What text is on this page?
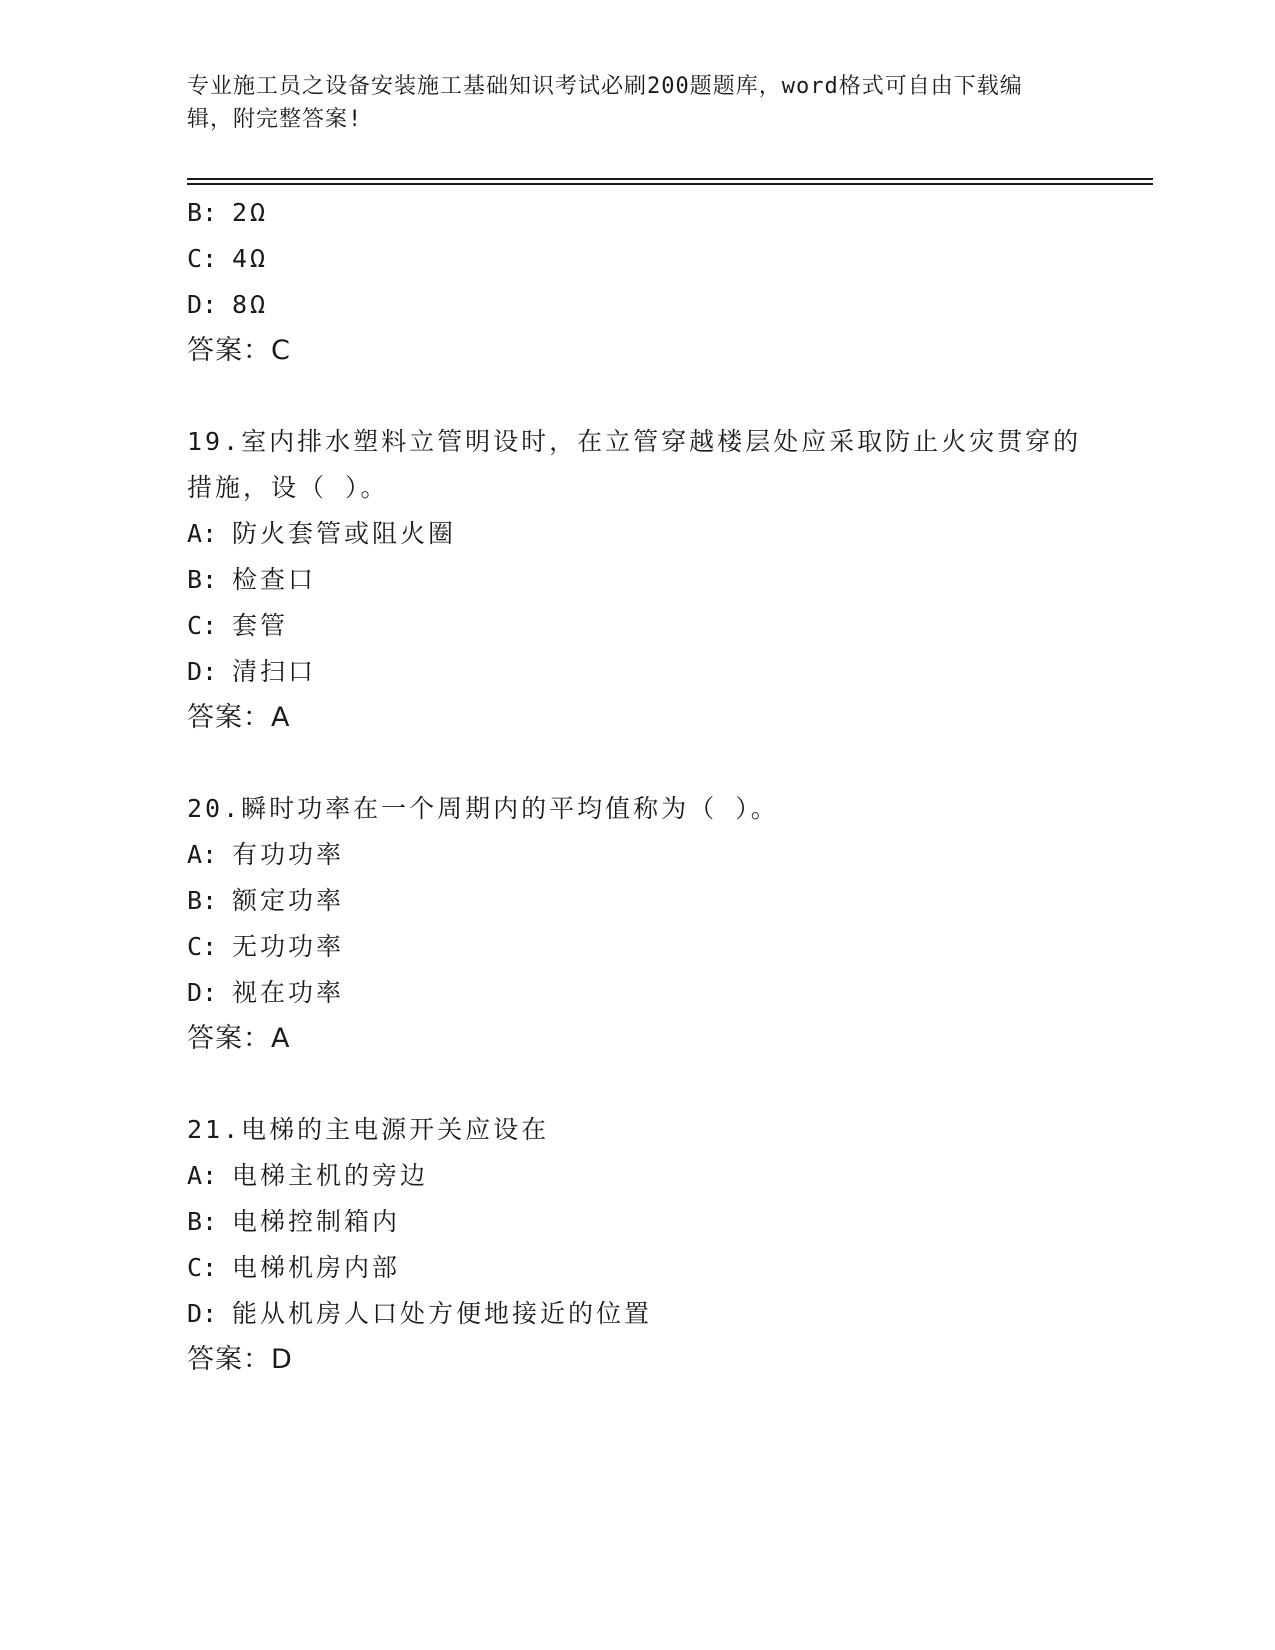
专业施工员之设备安装施工基础知识考试必刷200题题库，word格式可自由下载编辑，附完整答案!
B: 2Ω
C: 4Ω
D: 8Ω
答案：C
19.室内排水塑料立管明设时，在立管穿越楼层处应采取防止火灾贯穿的措施，设（ ）。
A: 防火套管或阻火圈
B: 检查口
C: 套管
D: 清扫口
答案：A
20.瞬时功率在一个周期内的平均值称为（ ）。
A: 有功功率
B: 额定功率
C: 无功功率
D: 视在功率
答案：A
21.电梯的主电源开关应设在
A: 电梯主机的旁边
B: 电梯控制箱内
C: 电梯机房内部
D: 能从机房人口处方便地接近的位置
答案：D
